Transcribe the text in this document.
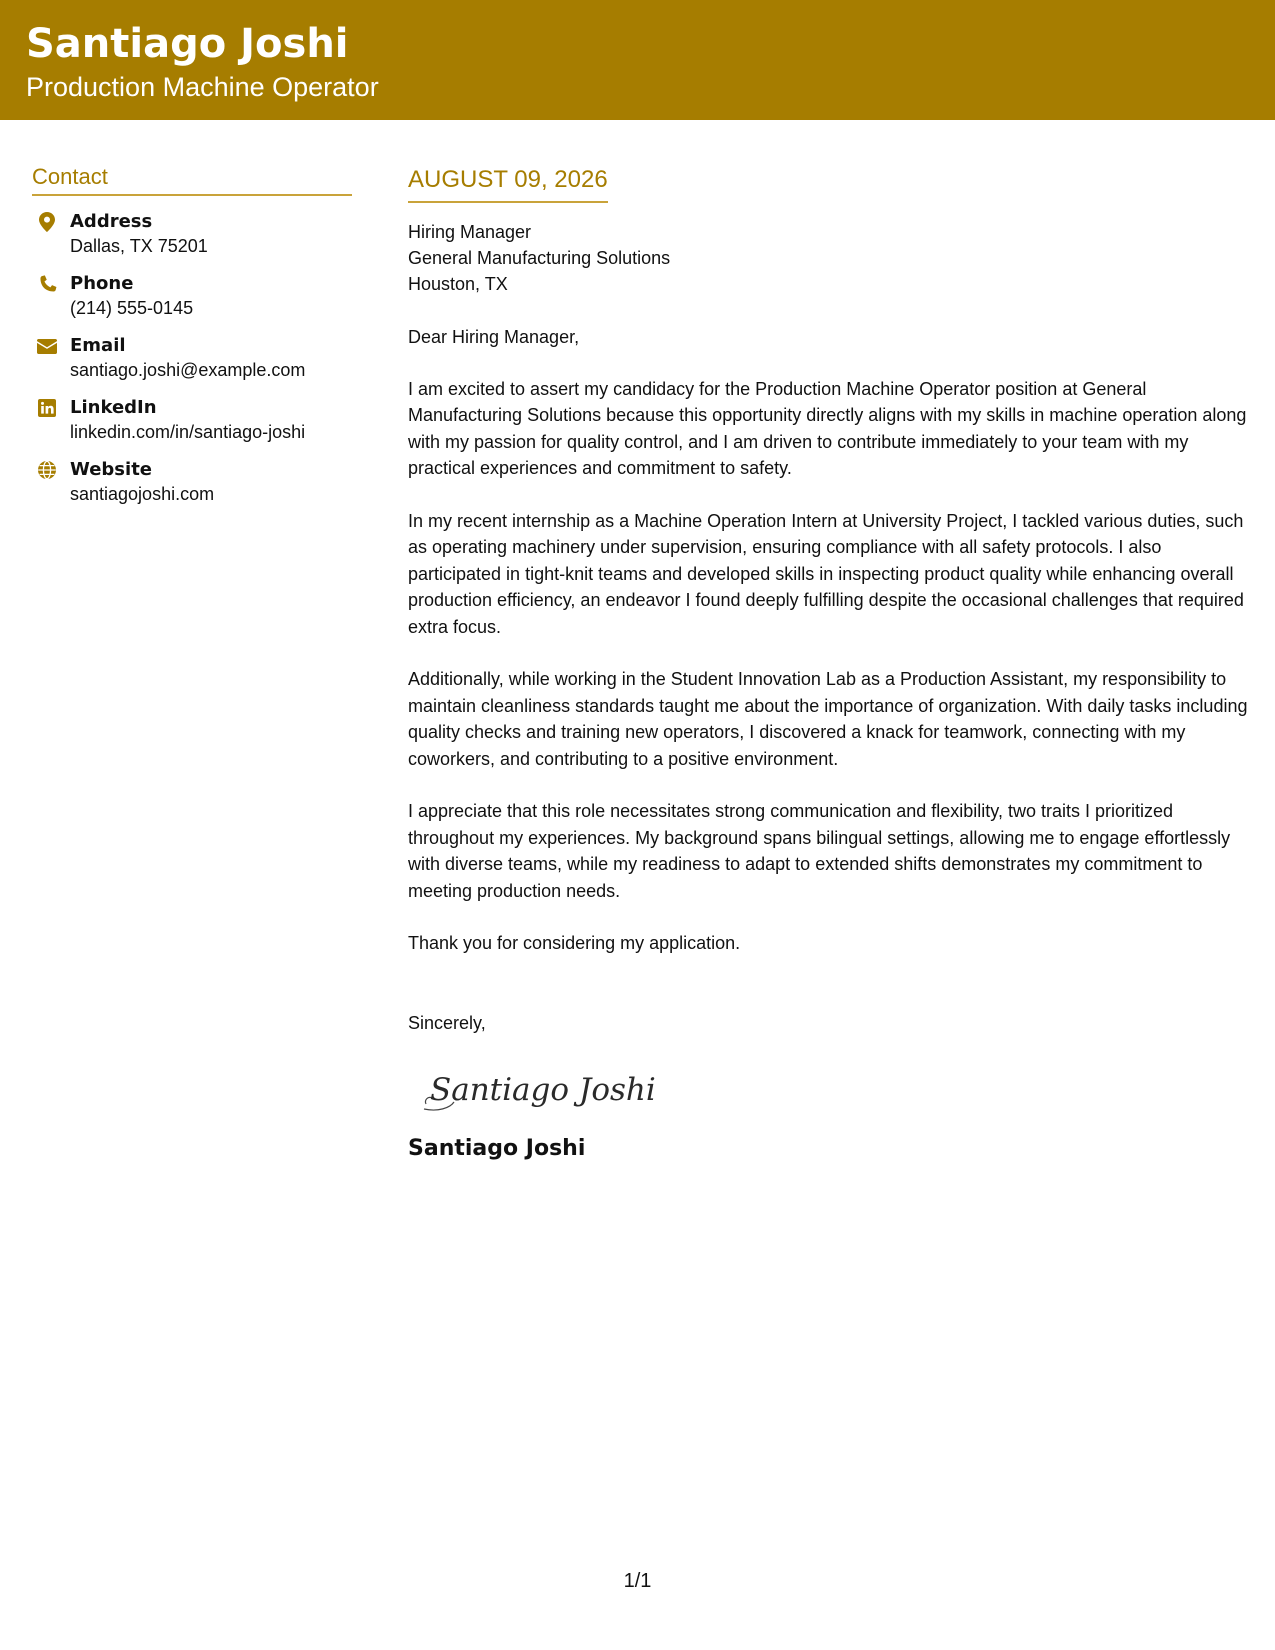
Santiago Joshi
Production Machine Operator
Contact
Address
Dallas, TX 75201
Phone
(214) 555-0145
Email
santiago.joshi@example.com
LinkedIn
linkedin.com/in/santiago-joshi
Website
santiagojoshi.com
AUGUST 09, 2026
Hiring Manager
General Manufacturing Solutions
Houston, TX
Dear Hiring Manager,
I am excited to assert my candidacy for the Production Machine Operator position at General Manufacturing Solutions because this opportunity directly aligns with my skills in machine operation along with my passion for quality control, and I am driven to contribute immediately to your team with my practical experiences and commitment to safety.
In my recent internship as a Machine Operation Intern at University Project, I tackled various duties, such as operating machinery under supervision, ensuring compliance with all safety protocols. I also participated in tight-knit teams and developed skills in inspecting product quality while enhancing overall production efficiency, an endeavor I found deeply fulfilling despite the occasional challenges that required extra focus.
Additionally, while working in the Student Innovation Lab as a Production Assistant, my responsibility to maintain cleanliness standards taught me about the importance of organization. With daily tasks including quality checks and training new operators, I discovered a knack for teamwork, connecting with my coworkers, and contributing to a positive environment.
I appreciate that this role necessitates strong communication and flexibility, two traits I prioritized throughout my experiences. My background spans bilingual settings, allowing me to engage effortlessly with diverse teams, while my readiness to adapt to extended shifts demonstrates my commitment to meeting production needs.
Thank you for considering my application.
Sincerely,
Santiago Joshi
Santiago Joshi
1/1
